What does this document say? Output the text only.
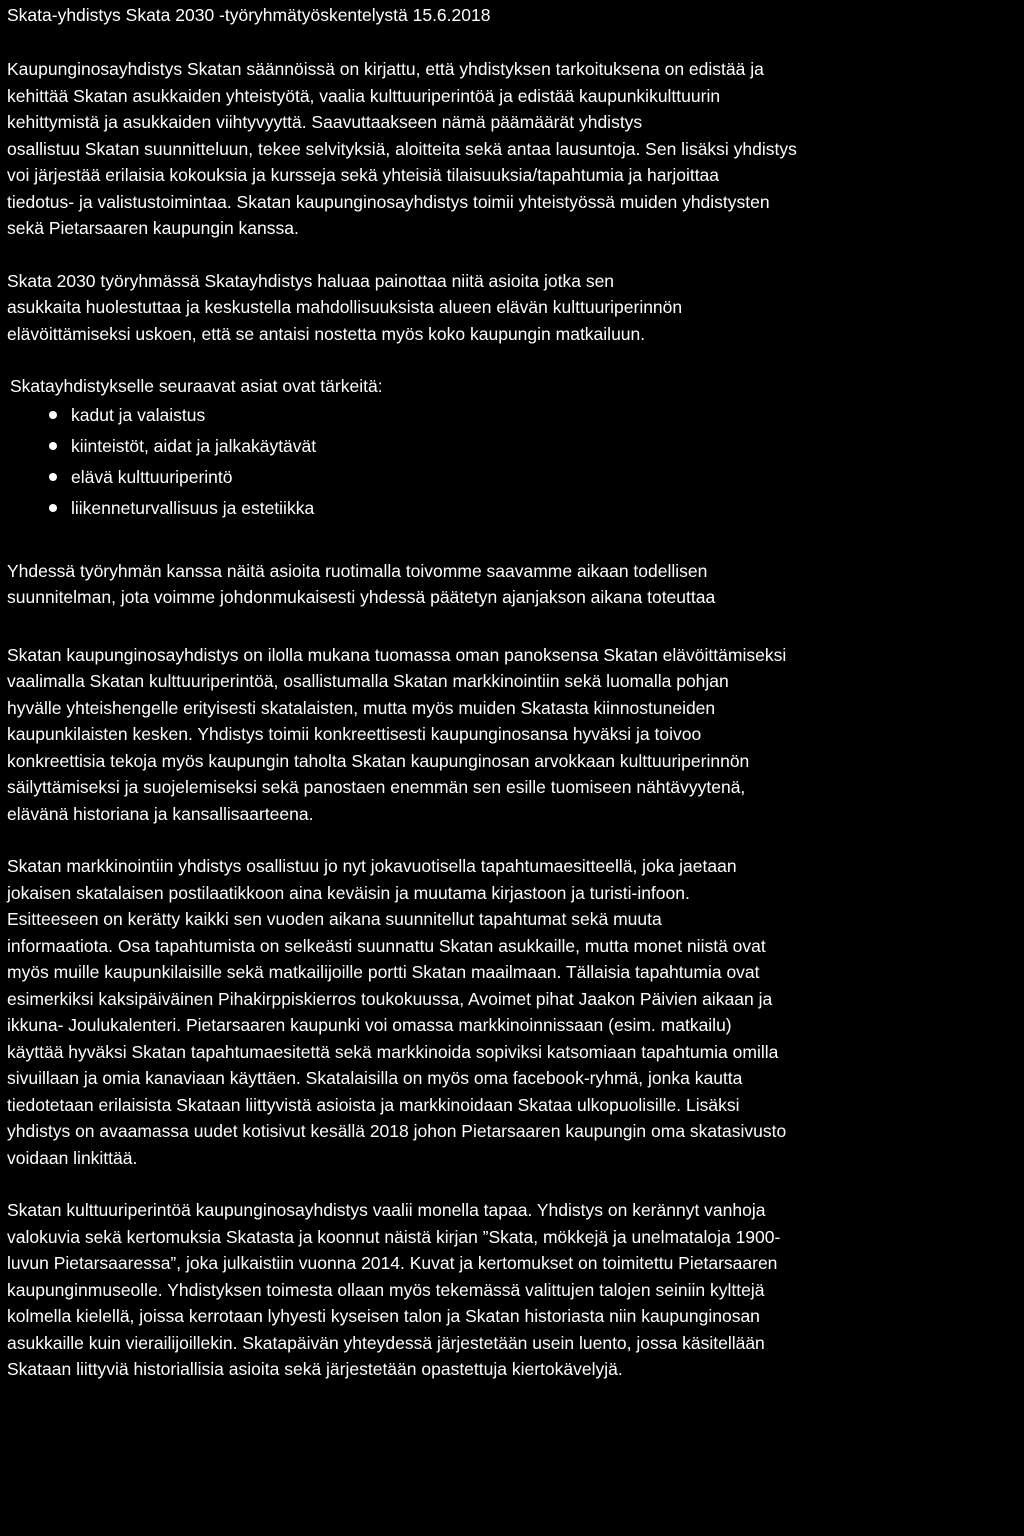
Skata-yhdistys Skata 2030 -työryhmätyöskentelystä 15.6.2018

Kaupunginosayhdistys Skatan säännöissä on kirjattu, että yhdistyksen tarkoituksena on edistää ja
kehittää Skatan asukkaiden yhteistyötä, vaalia kulttuuriperintöä ja edistää kaupunkikulttuurin
kehittymistä ja asukkaiden viihtyvyyttä. Saavuttaakseen nämä päämäärät yhdistys
osallistuu Skatan suunnitteluun, tekee selvityksiä, aloitteita sekä antaa lausuntoja. Sen lisäksi yhdistys
voi järjestää erilaisia kokouksia ja kursseja sekä yhteisiä tilaisuuksia/tapahtumia ja harjoittaa
tiedotus- ja valistustoimintaa. Skatan kaupunginosayhdistys toimii yhteistyössä muiden yhdistysten
sekä Pietarsaaren kaupungin kanssa.

Skata 2030 työryhmässä Skatayhdistys haluaa painottaa niitä asioita jotka sen
asukkaita huolestuttaa ja keskustella mahdollisuuksista alueen elävän kulttuuriperinnön
elävöittämiseksi uskoen, että se antaisi nostetta myös koko kaupungin matkailuun.

Skatayhdistykselle seuraavat asiat ovat tärkeitä:

kadut ja valaistus
kiinteistöt, aidat ja jalkakäytävät
elävä kulttuuriperintö
liikenneturvallisuus ja estetiikka

Yhdessä työryhmän kanssa näitä asioita ruotimalla toivomme saavamme aikaan todellisen
suunnitelman, jota voimme johdonmukaisesti yhdessä päätetyn ajanjakson aikana toteuttaa

Skatan kaupunginosayhdistys on ilolla mukana tuomassa oman panoksensa Skatan elävöittämiseksi
vaalimalla Skatan kulttuuriperintöä, osallistumalla Skatan markkinointiin sekä luomalla pohjan
hyvälle yhteishengelle erityisesti skatalaisten, mutta myös muiden Skatasta kiinnostuneiden
kaupunkilaisten kesken. Yhdistys toimii konkreettisesti kaupunginosansa hyväksi ja toivoo
konkreettisia tekoja myös kaupungin taholta Skatan kaupunginosan arvokkaan kulttuuriperinnön
säilyttämiseksi ja suojelemiseksi sekä panostaen enemmän sen esille tuomiseen nähtävyytenä,
elävänä historiana ja kansallisaarteena.

Skatan markkinointiin yhdistys osallistuu jo nyt jokavuotisella tapahtumaesitteellä, joka jaetaan
jokaisen skatalaisen postilaatikkoon aina keväisin ja muutama kirjastoon ja turisti-infoon.
Esitteeseen on kerätty kaikki sen vuoden aikana suunnitellut tapahtumat sekä muuta
informaatiota. Osa tapahtumista on selkeästi suunnattu Skatan asukkaille, mutta monet niistä ovat
myös muille kaupunkilaisille sekä matkailijoille portti Skatan maailmaan. Tällaisia tapahtumia ovat
esimerkiksi kaksipäiväinen Pihakirppiskierros toukokuussa, Avoimet pihat Jaakon Päivien aikaan ja
ikkuna- Joulukalenteri. Pietarsaaren kaupunki voi omassa markkinoinnissaan (esim. matkailu)
käyttää hyväksi Skatan tapahtumaesitettä sekä markkinoida sopiviksi katsomiaan tapahtumia omilla
sivuillaan ja omia kanaviaan käyttäen. Skatalaisilla on myös oma facebook-ryhmä, jonka kautta
tiedotetaan erilaisista Skataan liittyvistä asioista ja markkinoidaan Skataa ulkopuolisille. Lisäksi
yhdistys on avaamassa uudet kotisivut kesällä 2018 johon Pietarsaaren kaupungin oma skatasivusto
voidaan linkittää.

Skatan kulttuuriperintöä kaupunginosayhdistys vaalii monella tapaa. Yhdistys on kerännyt vanhoja
valokuvia sekä kertomuksia Skatasta ja koonnut näistä kirjan ”Skata, mökkejä ja unelmataloja 1900-
luvun Pietarsaaressa”, joka julkaistiin vuonna 2014. Kuvat ja kertomukset on toimitettu Pietarsaaren
kaupunginmuseolle. Yhdistyksen toimesta ollaan myös tekemässä valittujen talojen seiniin kylttejä
kolmella kielellä, joissa kerrotaan lyhyesti kyseisen talon ja Skatan historiasta niin kaupunginosan
asukkaille kuin vierailijoillekin. Skatapäivän yhteydessä järjestetään usein luento, jossa käsitellään
Skataan liittyviä historiallisia asioita sekä järjestetään opastettuja kiertokävelyjä.
